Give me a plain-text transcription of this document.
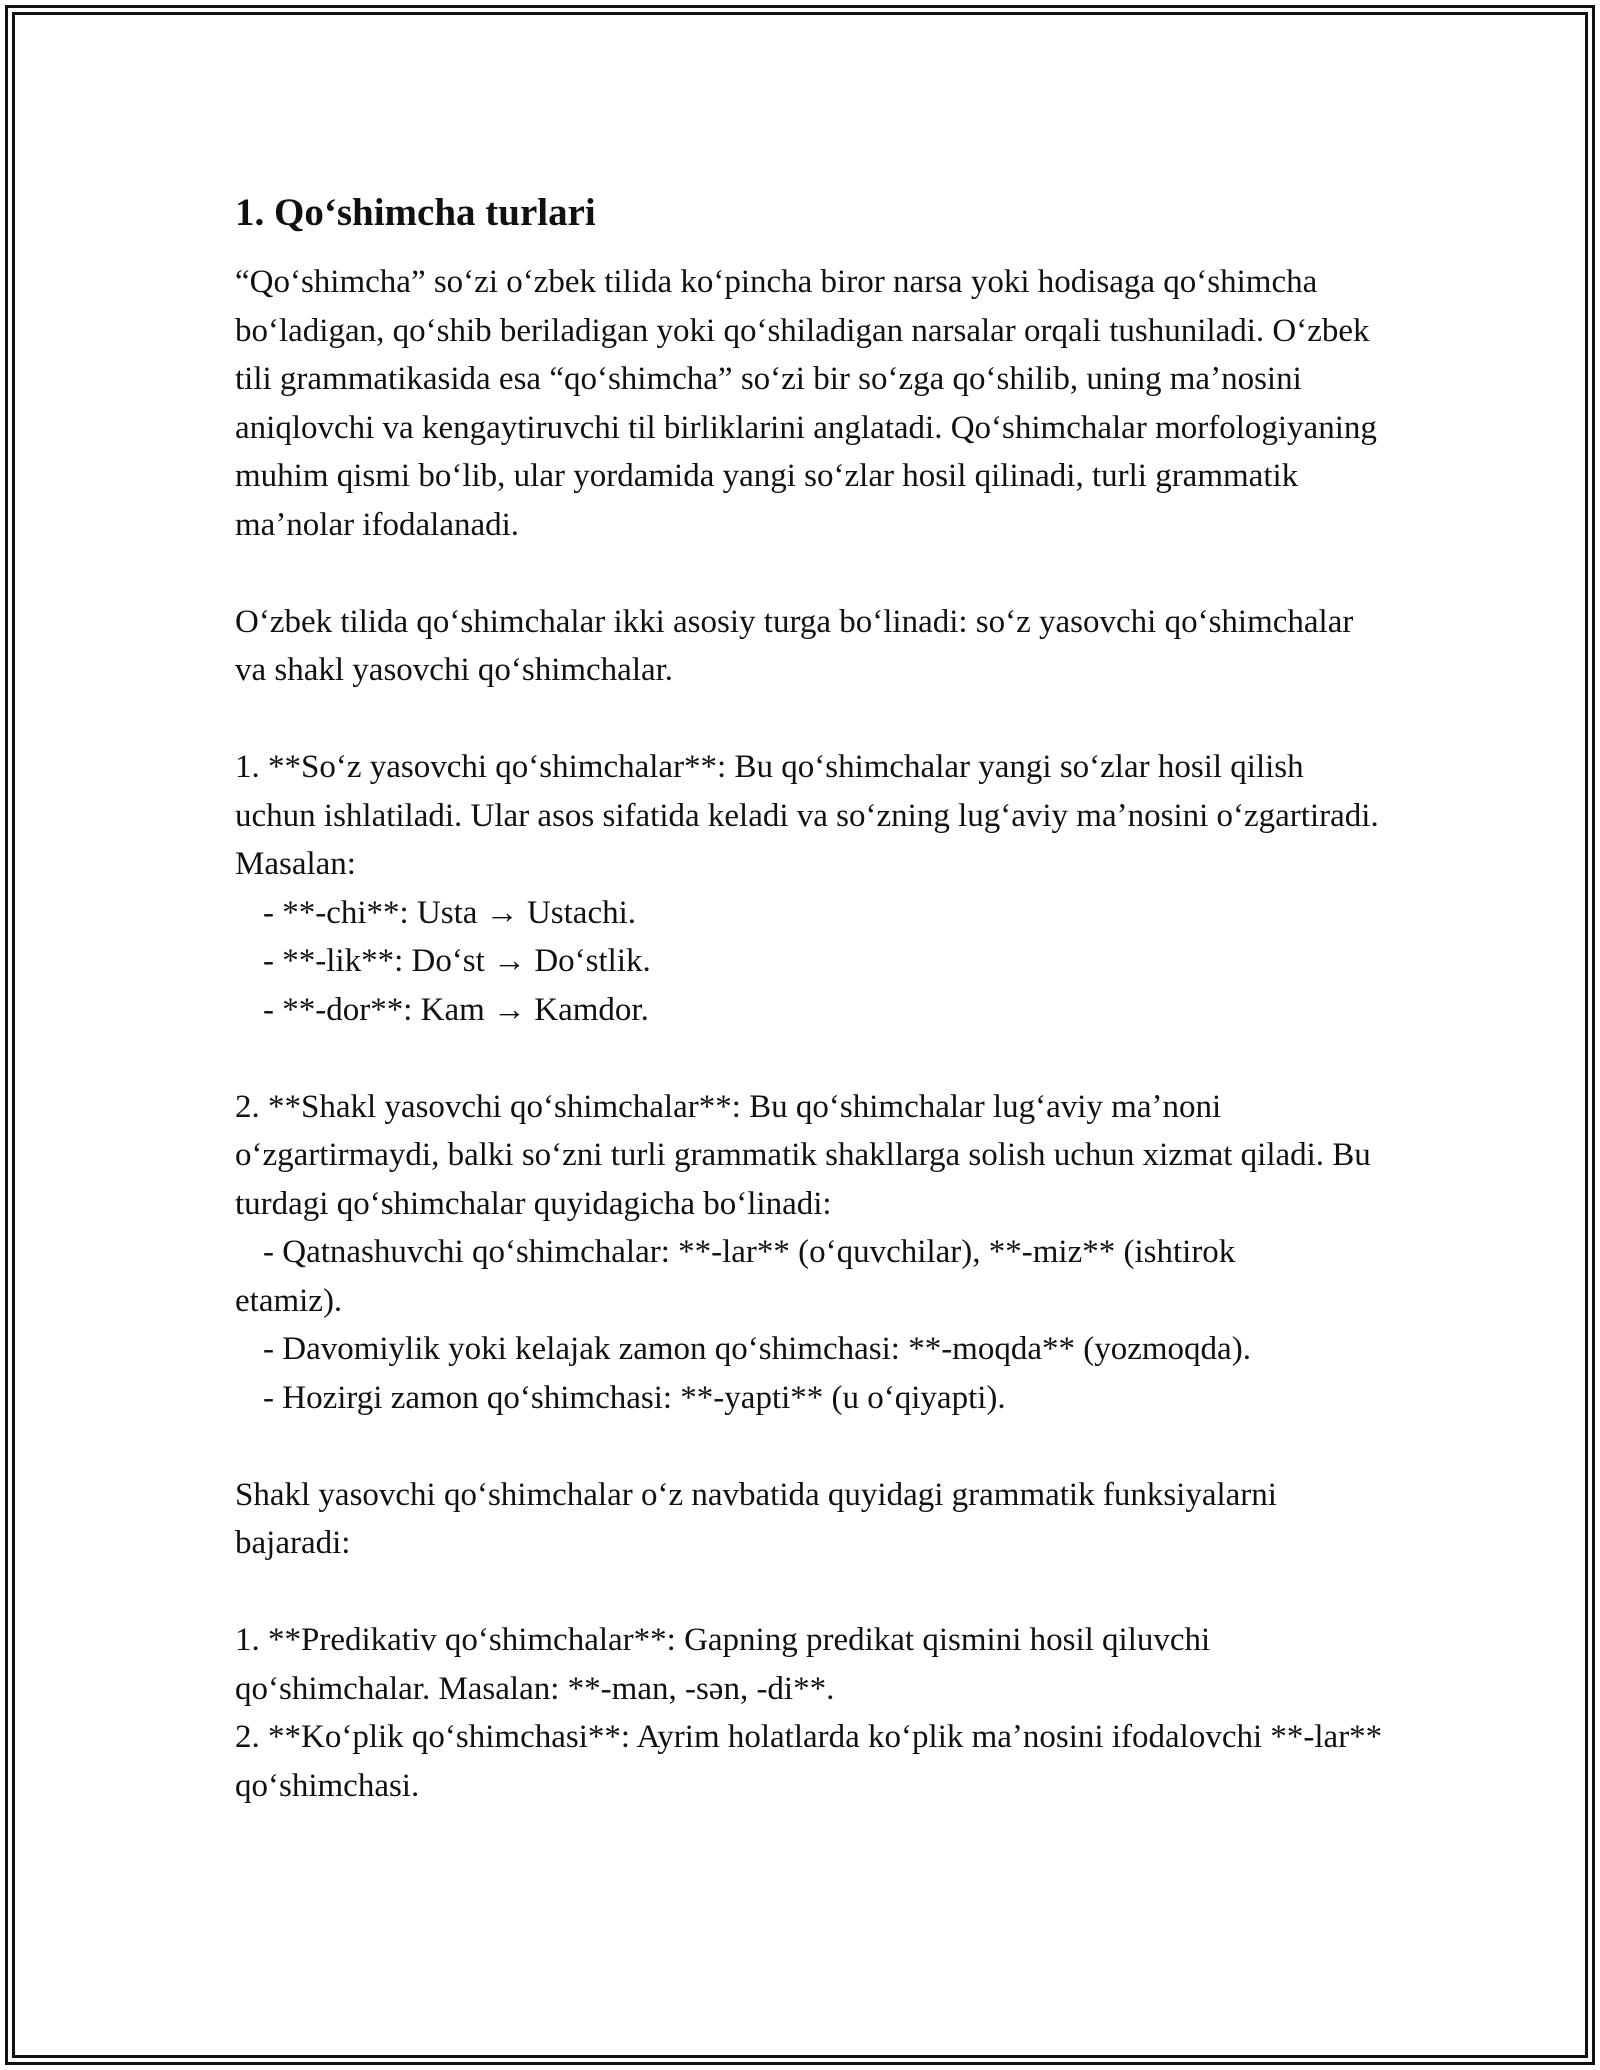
1. Qoʻshimcha turlari

“Qoʻshimcha” soʻzi oʻzbek tilida koʻpincha biror narsa yoki hodisaga qoʻshimcha boʻladigan, qoʻshib beriladigan yoki qoʻshiladigan narsalar orqali tushuniladi. Oʻzbek tili grammatikasida esa “qoʻshimcha” soʻzi bir soʻzga qoʻshilib, uning maʼnosini aniqlovchi va kengaytiruvchi til birliklarini anglatadi. Qoʻshimchalar morfologiyaning muhim qismi boʻlib, ular yordamida yangi soʻzlar hosil qilinadi, turli grammatik maʼnolar ifodalanadi.

Oʻzbek tilida qoʻshimchalar ikki asosiy turga boʻlinadi: soʻz yasovchi qoʻshimchalar va shakl yasovchi qoʻshimchalar.

1. **Soʻz yasovchi qoʻshimchalar**: Bu qoʻshimchalar yangi soʻzlar hosil qilish uchun ishlatiladi. Ular asos sifatida keladi va soʻzning lugʻaviy maʼnosini oʻzgartiradi. Masalan:

- **-chi**: Usta → Ustachi.

- **-lik**: Doʻst → Doʻstlik.

- **-dor**: Kam → Kamdor.

2. **Shakl yasovchi qoʻshimchalar**: Bu qoʻshimchalar lugʻaviy maʼnoni oʻzgartirmaydi, balki soʻzni turli grammatik shakllarga solish uchun xizmat qiladi. Bu turdagi qoʻshimchalar quyidagicha boʻlinadi:

- Qatnashuvchi qoʻshimchalar: **-lar** (oʻquvchilar), **-miz** (ishtirok

etamiz).

- Davomiylik yoki kelajak zamon qoʻshimchasi: **-moqda** (yozmoqda).

- Hozirgi zamon qoʻshimchasi: **-yapti** (u oʻqiyapti).

Shakl yasovchi qoʻshimchalar oʻz navbatida quyidagi grammatik funksiyalarni bajaradi:

1. **Predikativ qoʻshimchalar**: Gapning predikat qismini hosil qiluvchi qoʻshimchalar. Masalan: **-man, -sən, -di**.

2. **Koʻplik qoʻshimchasi**: Ayrim holatlarda koʻplik maʼnosini ifodalovchi **-lar** qoʻshimchasi.
